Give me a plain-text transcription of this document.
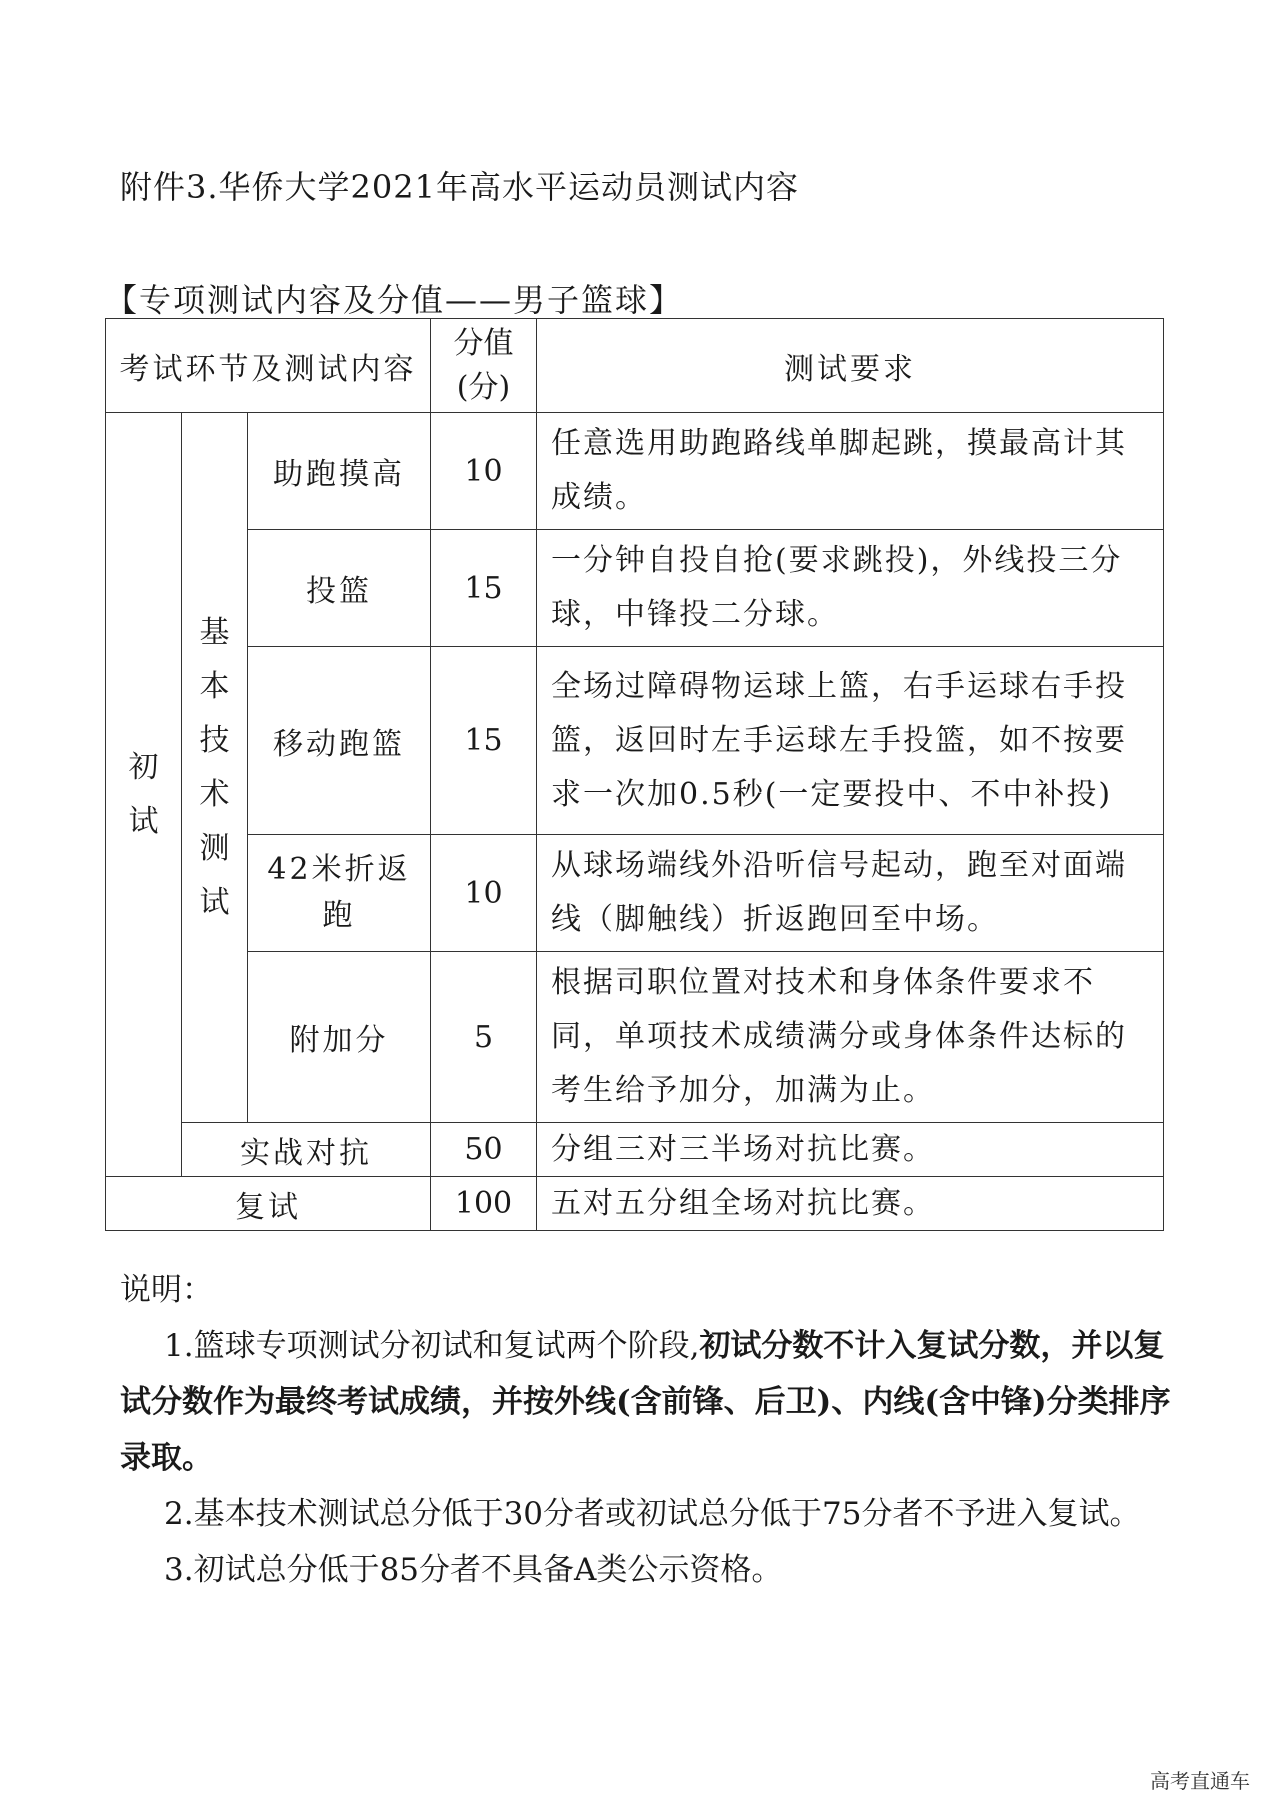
附件3.华侨大学2021年高水平运动员测试内容
【专项测试内容及分值——男子篮球】
考试环节及测试内容			分值(分)	测试要求

初试	基本技术测试	助跑摸高	10	任意选用助跑路线单脚起跳，摸最高计其成绩。
		投篮	15	一分钟自投自抢(要求跳投)，外线投三分球，中锋投二分球。
		移动跑篮	15	全场过障碍物运球上篮，右手运球右手投篮，返回时左手运球左手投篮，如不按要求一次加0.5秒(一定要投中、不中补投)
		42米折返跑	10	从球场端线外沿听信号起动，跑至对面端线（脚触线）折返跑回至中场。
		附加分	5	根据司职位置对技术和身体条件要求不同，单项技术成绩满分或身体条件达标的考生给予加分，加满为止。
	实战对抗		50	分组三对三半场对抗比赛。
复试			100	五对五分组全场对抗比赛。

说明：

1.篮球专项测试分初试和复试两个阶段,初试分数不计入复试分数，并以复试分数作为最终考试成绩，并按外线(含前锋、后卫)、内线(含中锋)分类排序录取。

2.基本技术测试总分低于30分者或初试总分低于75分者不予进入复试。

3.初试总分低于85分者不具备A类公示资格。

高考直通车
